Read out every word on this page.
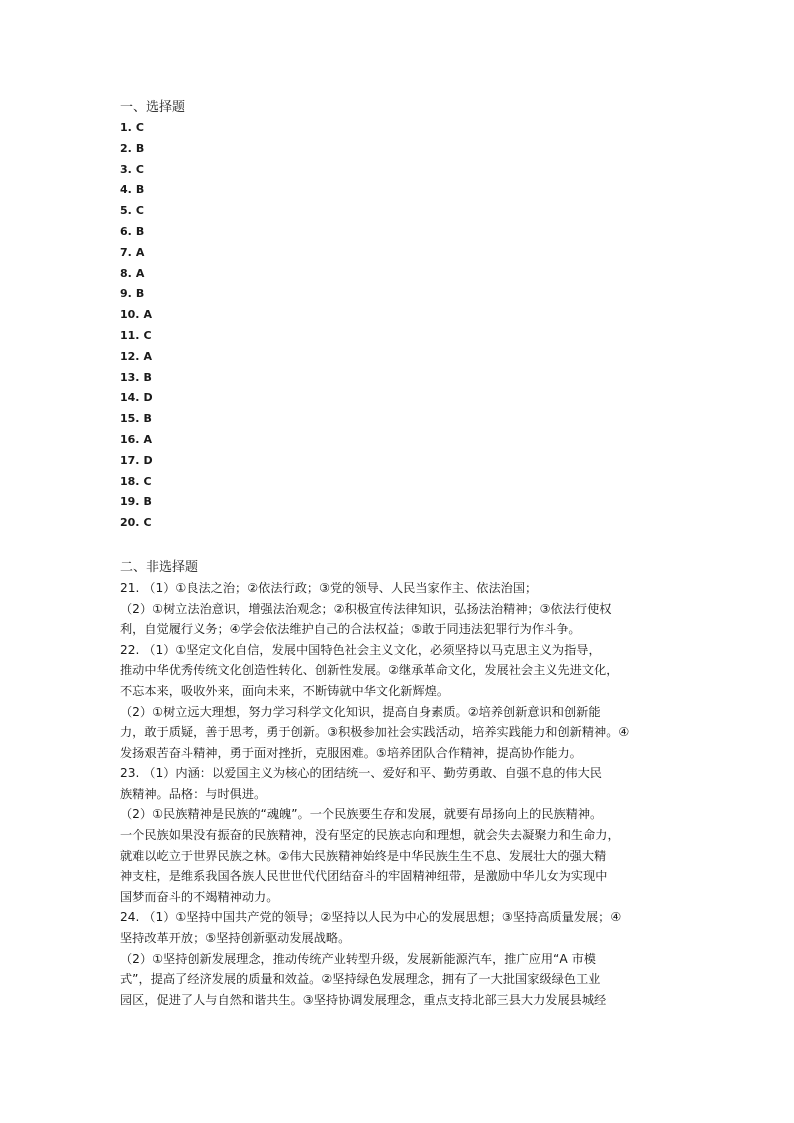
一、选择题
1. C
2. B
3. C
4. B
5. C
6. B
7. A
8. A
9. B
10. A
11. C
12. A
13. B
14. D
15. B
16. A
17. D
18. C
19. B
20. C
二、非选择题
21. （1）①良法之治；②依法行政；③党的领导、人民当家作主、依法治国；
（2）①树立法治意识，增强法治观念；②积极宣传法律知识，弘扬法治精神；③依法行使权
利，自觉履行义务；④学会依法维护自己的合法权益；⑤敢于同违法犯罪行为作斗争。
22. （1）①坚定文化自信，发展中国特色社会主义文化，必须坚持以马克思主义为指导，
推动中华优秀传统文化创造性转化、创新性发展。②继承革命文化，发展社会主义先进文化，
不忘本来，吸收外来，面向未来，不断铸就中华文化新辉煌。
（2）①树立远大理想，努力学习科学文化知识，提高自身素质。②培养创新意识和创新能
力，敢于质疑，善于思考，勇于创新。③积极参加社会实践活动，培养实践能力和创新精神。④
发扬艰苦奋斗精神，勇于面对挫折，克服困难。⑤培养团队合作精神，提高协作能力。
23. （1）内涵：以爱国主义为核心的团结统一、爱好和平、勤劳勇敢、自强不息的伟大民
族精神。品格：与时俱进。
（2）①民族精神是民族的“魂魄”。一个民族要生存和发展，就要有昂扬向上的民族精神。
一个民族如果没有振奋的民族精神，没有坚定的民族志向和理想，就会失去凝聚力和生命力，
就难以屹立于世界民族之林。②伟大民族精神始终是中华民族生生不息、发展壮大的强大精
神支柱，是维系我国各族人民世世代代团结奋斗的牢固精神纽带，是激励中华儿女为实现中
国梦而奋斗的不竭精神动力。
24. （1）①坚持中国共产党的领导；②坚持以人民为中心的发展思想；③坚持高质量发展；④
坚持改革开放；⑤坚持创新驱动发展战略。
（2）①坚持创新发展理念，推动传统产业转型升级，发展新能源汽车，推广应用“A 市模
式”，提高了经济发展的质量和效益。②坚持绿色发展理念，拥有了一大批国家级绿色工业
园区，促进了人与自然和谐共生。③坚持协调发展理念，重点支持北部三县大力发展县城经
